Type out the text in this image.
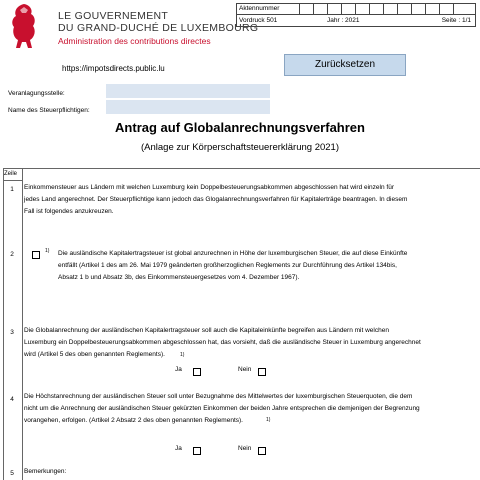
LE GOUVERNEMENT
DU GRAND-DUCHÉ DE LUXEMBOURG
Administration des contributions directes
https://impotsdirects.public.lu
Aktennummer
Vordruck 501	Jahr : 2021	Seite : 1/1
Zurücksetzen
Veranlagungsstelle:
Name des Steuerpflichtigen:
Antrag auf Globalanrechnungsverfahren
(Anlage zur Körperschaftsteuererklärung 2021)
Zeile
1	Einkommensteuer aus Ländern mit welchen Luxemburg kein Doppelbesteuerungsabkommen abgeschlossen hat wird einzeln für
jedes Land angerechnet. Der Steuerpflichtige kann jedoch das Glogalanrechnungsverfahren für Kapitalerträge beantragen. In diesem
Fall ist folgendes anzukreuzen.
2	1) Die ausländische Kapitalertragsteuer ist global anzurechnen in Höhe der luxemburgischen Steuer, die auf diese Einkünfte
entfällt (Artikel 1 des am 26. Mai 1979 geänderten großherzoglichen Reglements zur Durchführung des Artikel 134bis,
Absatz 1 b und Absatz 3b, des Einkommensteuergesetzes vom 4. Dezember 1967).
3	Die Globalanrechnung der ausländischen Kapitalertragsteuer soll auch die Kapitaleinkünfte begreifen aus Ländern mit welchen
Luxemburg ein Doppelbesteuerungsabkommen abgeschlossen hat, das vorsieht, daß die ausländische Steuer in Luxemburg angerechnet
wird (Artikel 5 des oben genannten Reglements).	1)
Ja	Nein
4	Die Höchstanrechnung der ausländischen Steuer soll unter Bezugnahme des Mittelwertes der luxemburgischen Steuerquoten, die dem
nicht um die Anrechnung der ausländischen Steuer gekürzten Einkommen der beiden Jahre entsprechen die demjenigen der Begrenzung
vorangehen, erfolgen. (Artikel 2 Absatz 2 des oben genannten Reglements).	1)
Ja	Nein
5	Bemerkungen:
